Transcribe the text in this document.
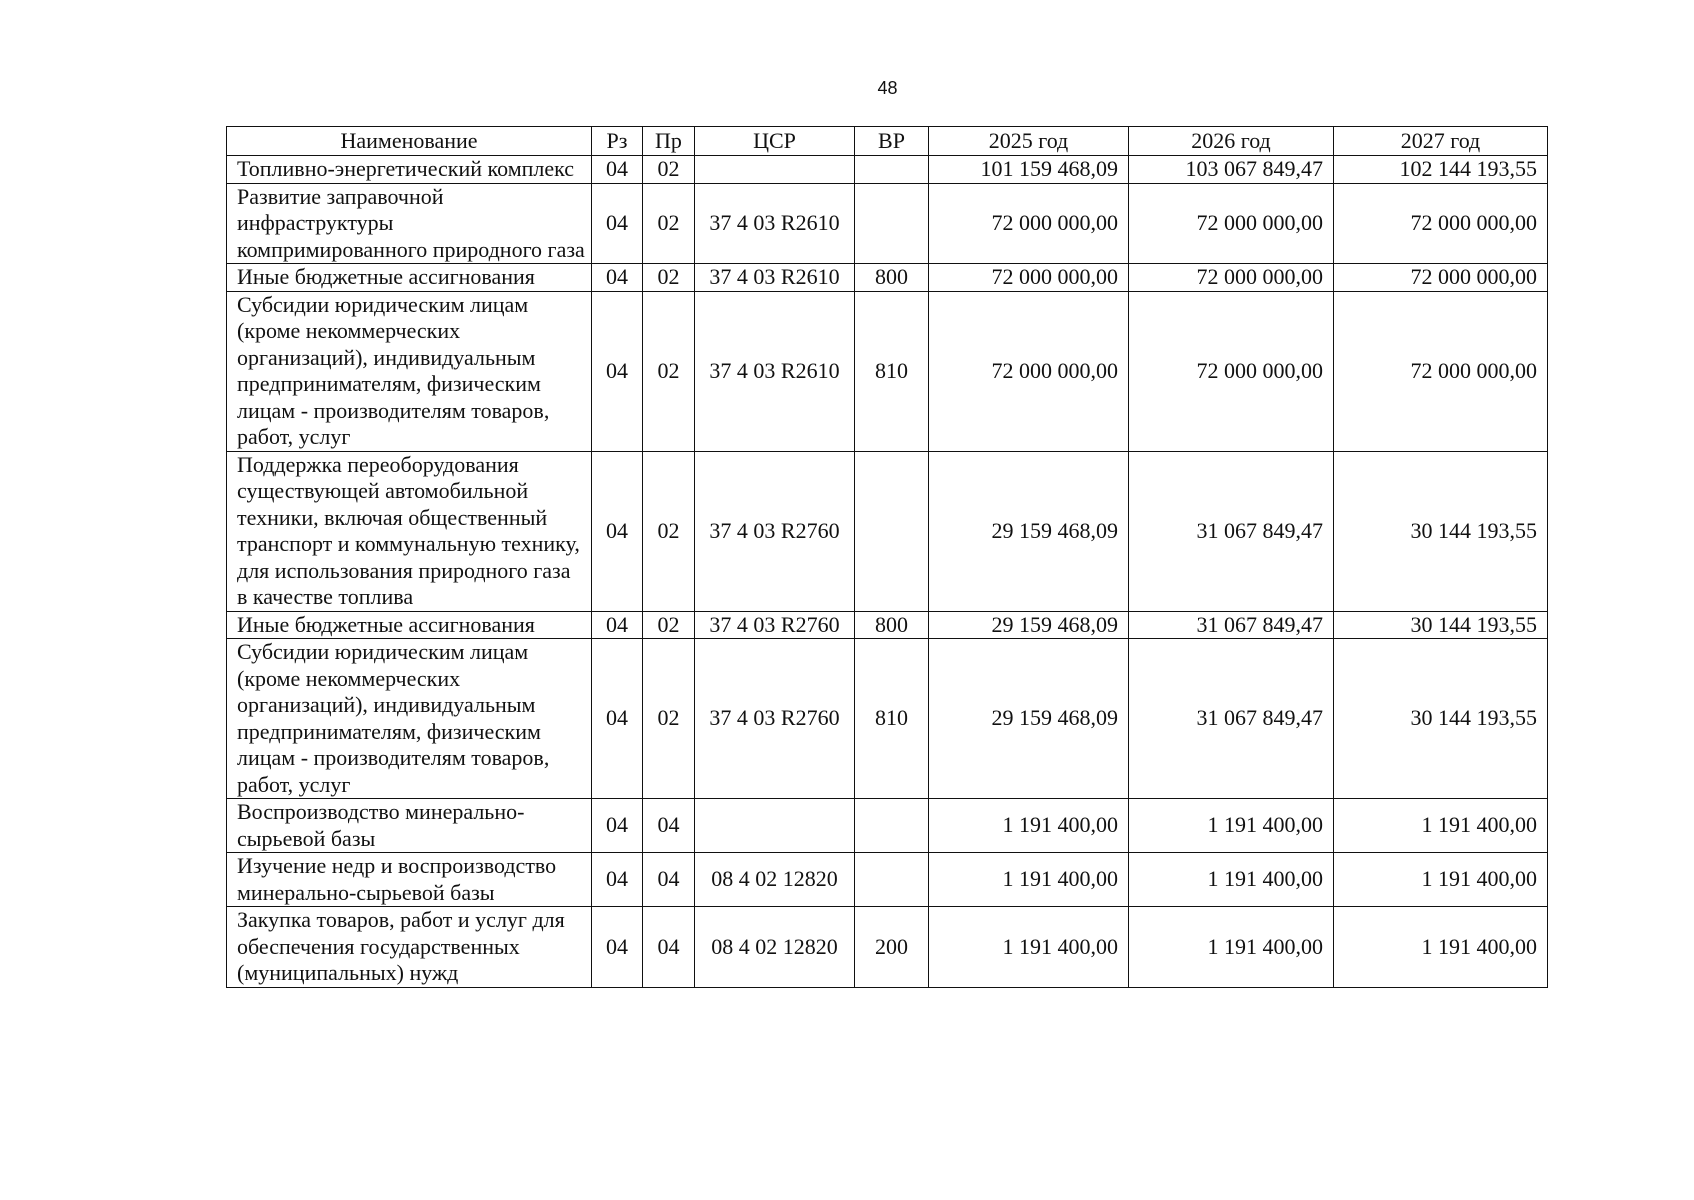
48
Наименование	Рз	Пр	ЦСР	ВР	2025 год	2026 год	2027 год
Топливно-энергетический комплекс	04	02			101 159 468,09	103 067 849,47	102 144 193,55
Развитие заправочной инфраструктуры компримированного природного газа	04	02	37 4 03 R2610		72 000 000,00	72 000 000,00	72 000 000,00
Иные бюджетные ассигнования	04	02	37 4 03 R2610	800	72 000 000,00	72 000 000,00	72 000 000,00
Субсидии юридическим лицам (кроме некоммерческих организаций), индивидуальным предпринимателям, физическим лицам - производителям товаров, работ, услуг	04	02	37 4 03 R2610	810	72 000 000,00	72 000 000,00	72 000 000,00
Поддержка переоборудования существующей автомобильной техники, включая общественный транспорт и коммунальную технику, для использования природного газа в качестве топлива	04	02	37 4 03 R2760		29 159 468,09	31 067 849,47	30 144 193,55
Иные бюджетные ассигнования	04	02	37 4 03 R2760	800	29 159 468,09	31 067 849,47	30 144 193,55
Субсидии юридическим лицам (кроме некоммерческих организаций), индивидуальным предпринимателям, физическим лицам - производителям товаров, работ, услуг	04	02	37 4 03 R2760	810	29 159 468,09	31 067 849,47	30 144 193,55
Воспроизводство минерально-сырьевой базы	04	04			1 191 400,00	1 191 400,00	1 191 400,00
Изучение недр и воспроизводство минерально-сырьевой базы	04	04	08 4 02 12820		1 191 400,00	1 191 400,00	1 191 400,00
Закупка товаров, работ и услуг для обеспечения государственных (муниципальных) нужд	04	04	08 4 02 12820	200	1 191 400,00	1 191 400,00	1 191 400,00
